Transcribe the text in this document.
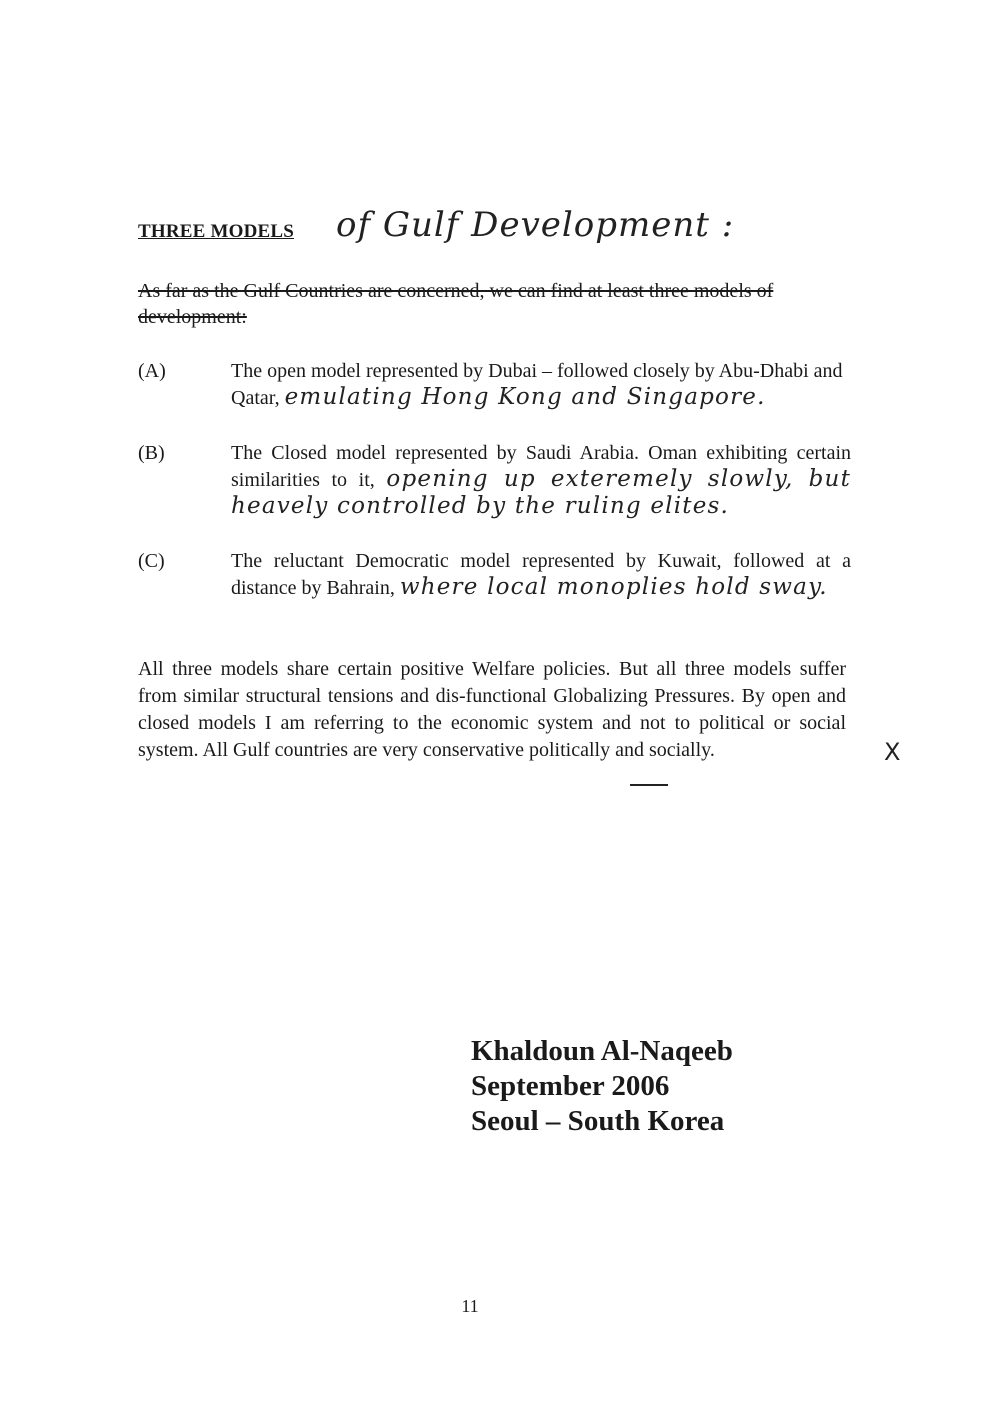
THREE MODELS of Gulf Development :
As far as the Gulf Countries are concerned, we can find at least three models of development:
(A)	The open model represented by Dubai – followed closely by Abu-Dhabi and Qatar, emulating Hong Kong and Singapore.
(B)	The Closed model represented by Saudi Arabia. Oman exhibiting certain similarities to it, opening up exteremely slowly, but heavely controlled by the ruling elites.
(C)	The reluctant Democratic model represented by Kuwait, followed at a distance by Bahrain, where local monoplies hold sway.

All three models share certain positive Welfare policies. But all three models suffer from similar structural tensions and dis-functional Globalizing Pressures. By open and closed models I am referring to the economic system and not to political or social system. All Gulf countries are very conservative politically and socially.	X
Khaldoun Al-Naqeeb
September 2006
Seoul – South Korea
11
